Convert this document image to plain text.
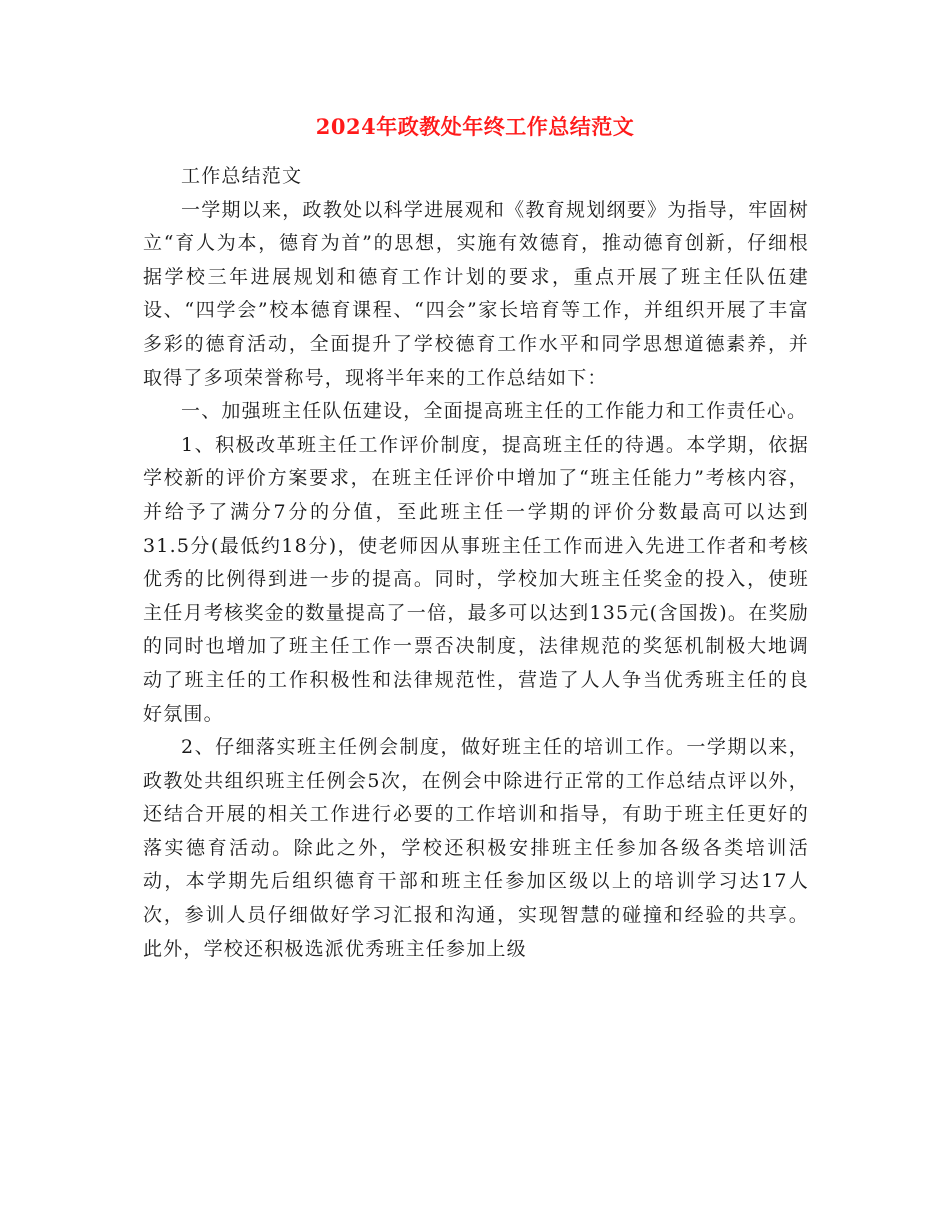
2024年政教处年终工作总结范文

工作总结范文

一学期以来，政教处以科学进展观和《教育规划纲要》为指导，牢固树立“育人为本，德育为首”的思想，实施有效德育，推动德育创新，仔细根据学校三年进展规划和德育工作计划的要求，重点开展了班主任队伍建设、“四学会”校本德育课程、“四会”家长培育等工作，并组织开展了丰富多彩的德育活动，全面提升了学校德育工作水平和同学思想道德素养，并取得了多项荣誉称号，现将半年来的工作总结如下：

一、加强班主任队伍建设，全面提高班主任的工作能力和工作责任心。

1、积极改革班主任工作评价制度，提高班主任的待遇。本学期，依据学校新的评价方案要求，在班主任评价中增加了“班主任能力”考核内容，并给予了满分7分的分值，至此班主任一学期的评价分数最高可以达到31.5分(最低约18分)，使老师因从事班主任工作而进入先进工作者和考核优秀的比例得到进一步的提高。同时，学校加大班主任奖金的投入，使班主任月考核奖金的数量提高了一倍，最多可以达到135元(含国拨)。在奖励的同时也增加了班主任工作一票否决制度，法律规范的奖惩机制极大地调动了班主任的工作积极性和法律规范性，营造了人人争当优秀班主任的良好氛围。

2、仔细落实班主任例会制度，做好班主任的培训工作。一学期以来，政教处共组织班主任例会5次，在例会中除进行正常的工作总结点评以外，还结合开展的相关工作进行必要的工作培训和指导，有助于班主任更好的落实德育活动。除此之外，学校还积极安排班主任参加各级各类培训活动，本学期先后组织德育干部和班主任参加区级以上的培训学习达17人次，参训人员仔细做好学习汇报和沟通，实现智慧的碰撞和经验的共享。此外，学校还积极选派优秀班主任参加上级
